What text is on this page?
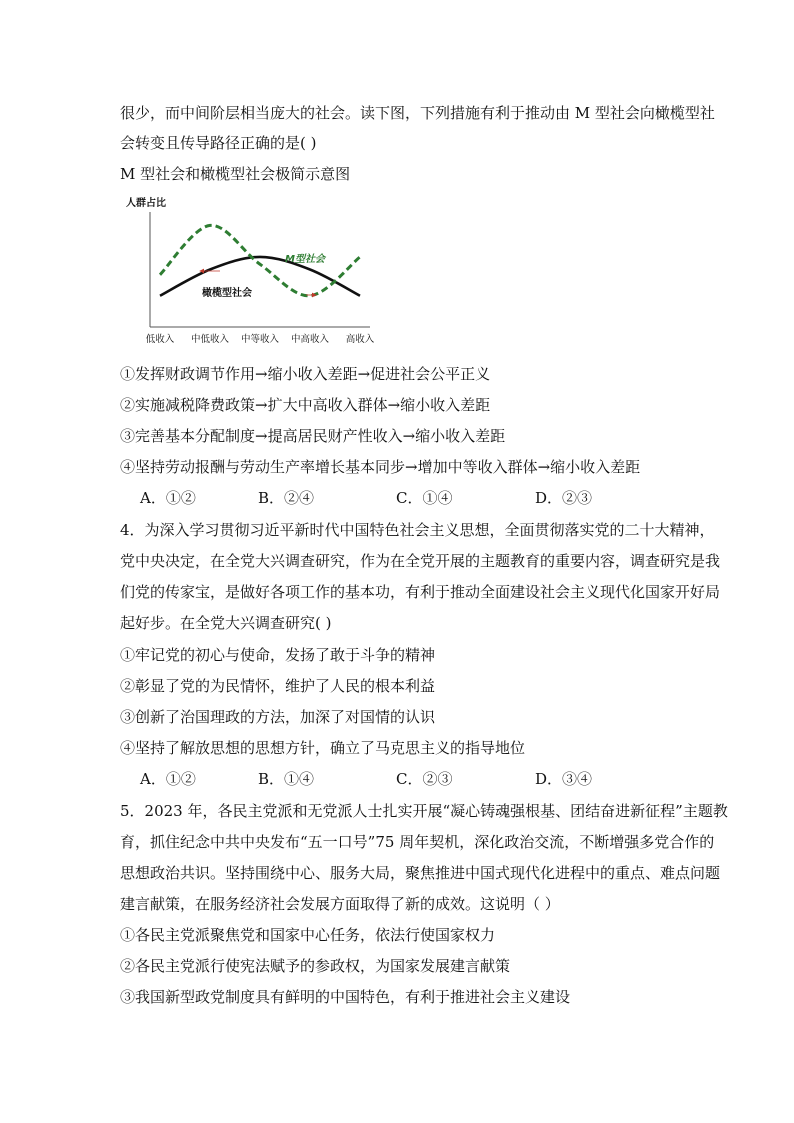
很少，而中间阶层相当庞大的社会。读下图，下列措施有利于推动由 M 型社会向橄榄型社
会转变且传导路径正确的是( )
M 型社会和橄榄型社会极简示意图
人群占比
低收入 中低收入 中等收入 中高收入 高收入
M型社会
橄榄型社会
①发挥财政调节作用→缩小收入差距→促进社会公平正义
②实施减税降费政策→扩大中高收入群体→缩小收入差距
③完善基本分配制度→提高居民财产性收入→缩小收入差距
④坚持劳动报酬与劳动生产率增长基本同步→增加中等收入群体→缩小收入差距
A．①②	B．②④	C．①④	D．②③
4．为深入学习贯彻习近平新时代中国特色社会主义思想，全面贯彻落实党的二十大精神，
党中央决定，在全党大兴调查研究，作为在全党开展的主题教育的重要内容，调查研究是我
们党的传家宝，是做好各项工作的基本功，有利于推动全面建设社会主义现代化国家开好局
起好步。在全党大兴调查研究( )
①牢记党的初心与使命，发扬了敢于斗争的精神
②彰显了党的为民情怀，维护了人民的根本利益
③创新了治国理政的方法，加深了对国情的认识
④坚持了解放思想的思想方针，确立了马克思主义的指导地位
A．①②	B．①④	C．②③	D．③④
5．2023 年，各民主党派和无党派人士扎实开展“凝心铸魂强根基、团结奋进新征程”主题教
育，抓住纪念中共中央发布“五一口号”75 周年契机，深化政治交流，不断增强多党合作的
思想政治共识。坚持围绕中心、服务大局，聚焦推进中国式现代化进程中的重点、难点问题
建言献策，在服务经济社会发展方面取得了新的成效。这说明（ ）
①各民主党派聚焦党和国家中心任务，依法行使国家权力
②各民主党派行使宪法赋予的参政权，为国家发展建言献策
③我国新型政党制度具有鲜明的中国特色，有利于推进社会主义建设
